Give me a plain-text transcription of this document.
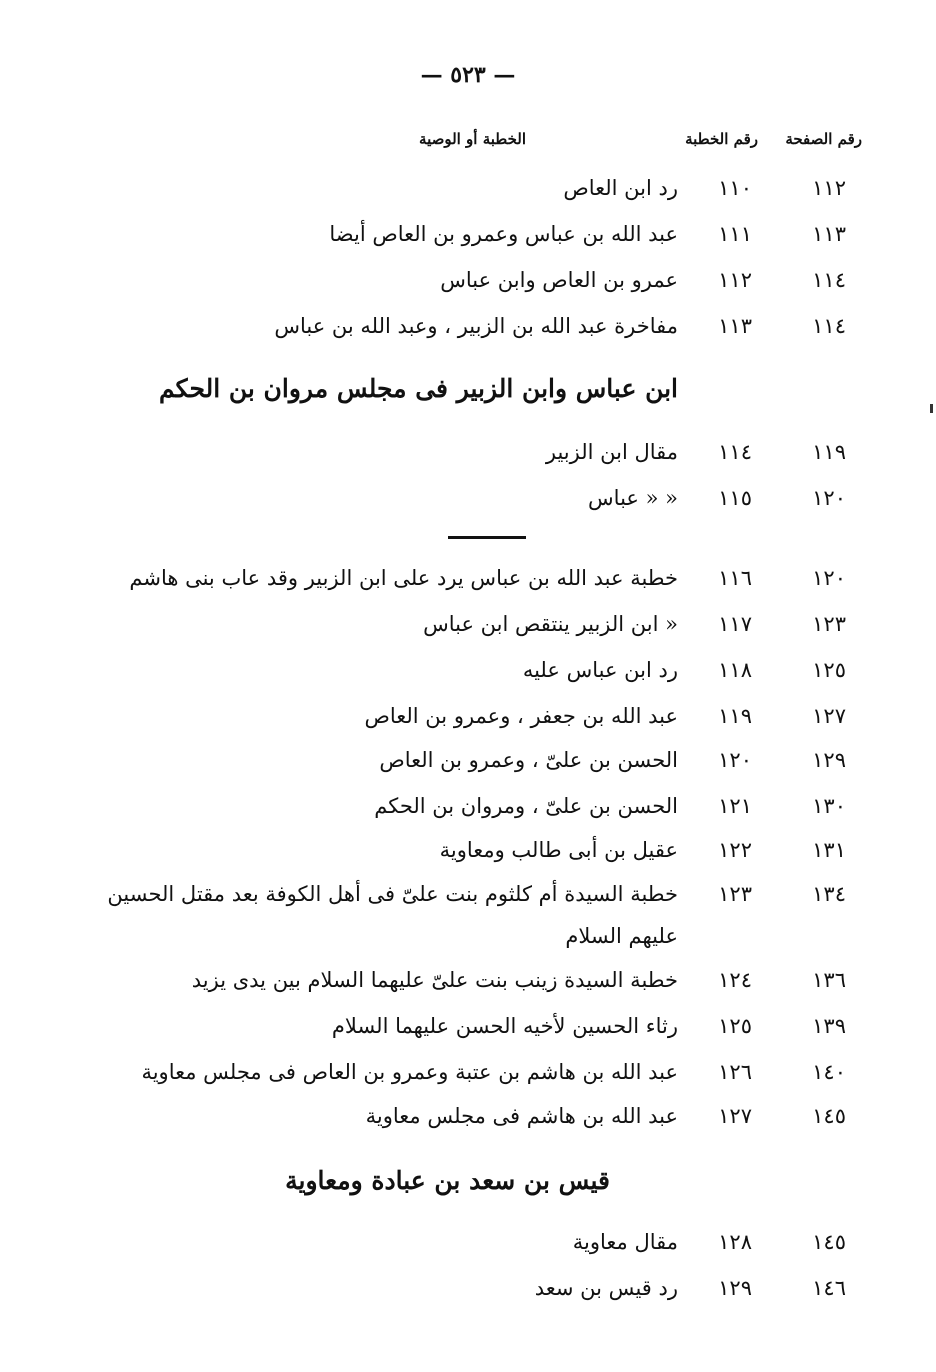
— ٥٢٣ —
رقم الصفحة
رقم الخطبة
الخطبة أو الوصية
١١٢
١١٠
رد ابن العاص
١١٣
١١١
عبد الله بن عباس وعمرو بن العاص أيضا
١١٤
١١٢
عمرو بن العاص وابن عباس
١١٤
١١٣
مفاخرة عبد الله بن الزبير ، وعبد الله بن عباس
ابن عباس وابن الزبير فى مجلس مروان بن الحكم
١١٩
١١٤
مقال ابن الزبير
١٢٠
١١٥
« « عباس
١٢٠
١١٦
خطبة عبد الله بن عباس يرد على ابن الزبير وقد عاب بنى هاشم
١٢٣
١١٧
« ابن الزبير ينتقص ابن عباس
١٢٥
١١٨
رد ابن عباس عليه
١٢٧
١١٩
عبد الله بن جعفر ، وعمرو بن العاص
١٢٩
١٢٠
الحسن بن علىّ ، وعمرو بن العاص
١٣٠
١٢١
الحسن بن علىّ ، ومروان بن الحكم
١٣١
١٢٢
عقيل بن أبى طالب ومعاوية
١٣٤
١٢٣
خطبة السيدة أم كلثوم بنت علىّ فى أهل الكوفة بعد مقتل الحسين
عليهم السلام
١٣٦
١٢٤
خطبة السيدة زينب بنت علىّ عليهما السلام بين يدى يزيد
١٣٩
١٢٥
رثاء الحسين لأخيه الحسن عليهما السلام
١٤٠
١٢٦
عبد الله بن هاشم بن عتبة وعمرو بن العاص فى مجلس معاوية
١٤٥
١٢٧
عبد الله بن هاشم فى مجلس معاوية
قيس بن سعد بن عبادة ومعاوية
١٤٥
١٢٨
مقال معاوية
١٤٦
١٢٩
رد قيس بن سعد
